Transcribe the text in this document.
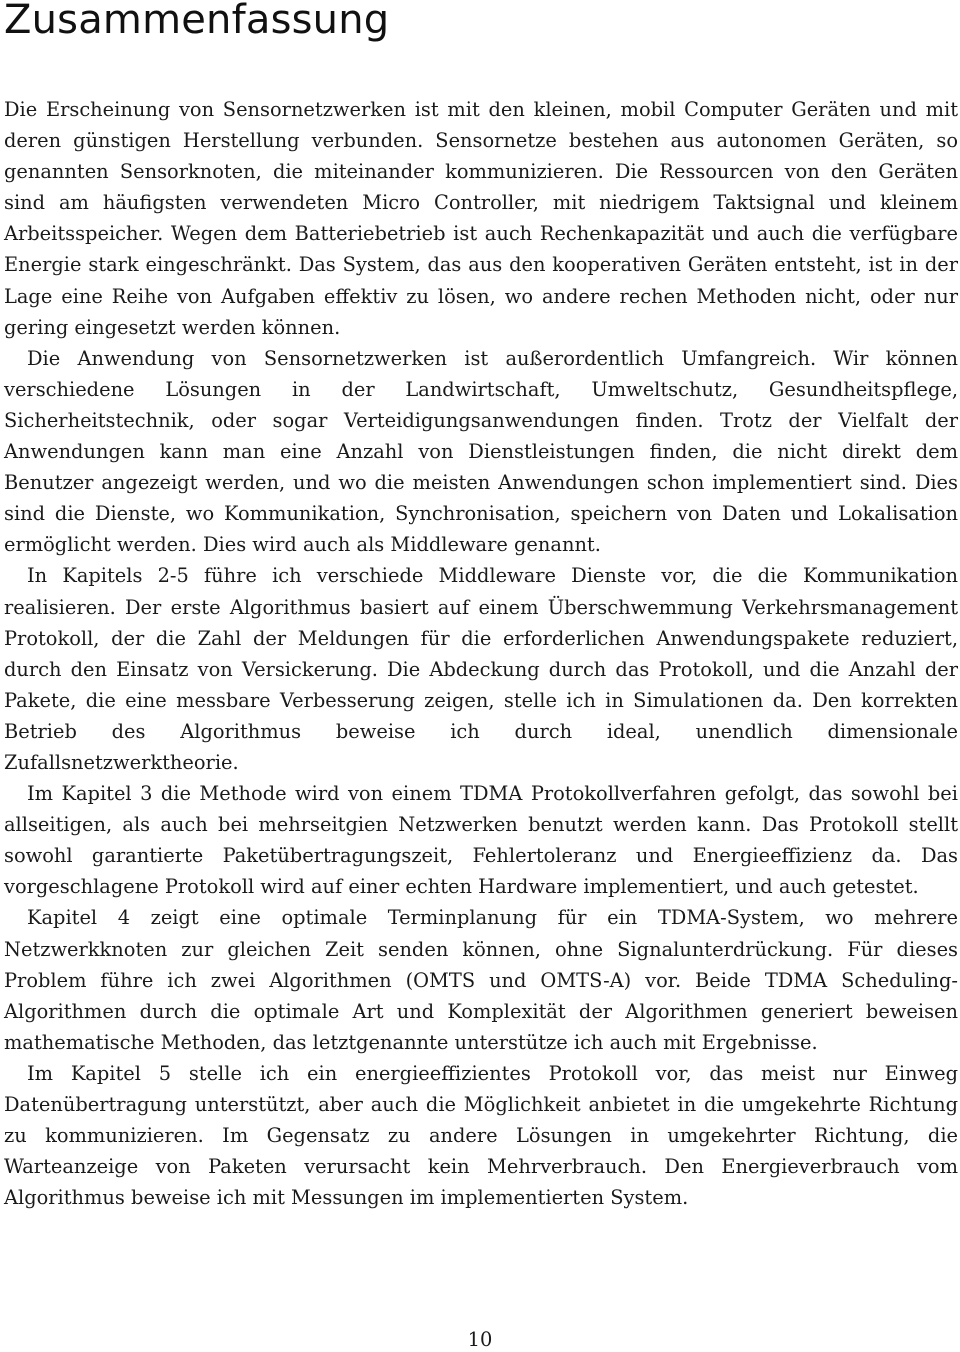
Zusammenfassung

Die Erscheinung von Sensornetzwerken ist mit den kleinen, mobil Computer Geräten und mit deren günstigen Herstellung verbunden. Sensornetze bestehen aus autonomen Geräten, so genannten Sensorknoten, die miteinander kommunizieren. Die Ressourcen von den Geräten sind am häufigsten verwendeten Micro Controller, mit niedrigem Taktsignal und kleinem Arbeitsspeicher. Wegen dem Batteriebetrieb ist auch Rechenkapazität und auch die verfügbare Energie stark eingeschränkt. Das System, das aus den kooperativen Geräten entsteht, ist in der Lage eine Reihe von Aufgaben effektiv zu lösen, wo andere rechen Methoden nicht, oder nur gering eingesetzt werden können.

Die Anwendung von Sensornetzwerken ist außerordentlich Umfangreich. Wir können verschiedene Lösungen in der Landwirtschaft, Umweltschutz, Gesundheitspflege, Sicherheitstechnik, oder sogar Verteidigungsanwendungen finden. Trotz der Vielfalt der Anwendungen kann man eine Anzahl von Dienstleistungen finden, die nicht direkt dem Benutzer angezeigt werden, und wo die meisten Anwendungen schon implementiert sind. Dies sind die Dienste, wo Kommunikation, Synchronisation, speichern von Daten und Lokalisation ermöglicht werden. Dies wird auch als Middleware genannt.

In Kapitels 2-5 führe ich verschiede Middleware Dienste vor, die die Kommunikation realisieren. Der erste Algorithmus basiert auf einem Überschwemmung Verkehrsmanagement Protokoll, der die Zahl der Meldungen für die erforderlichen Anwendungspakete reduziert, durch den Einsatz von Versickerung. Die Abdeckung durch das Protokoll, und die Anzahl der Pakete, die eine messbare Verbesserung zeigen, stelle ich in Simulationen da. Den korrekten Betrieb des Algorithmus beweise ich durch ideal, unendlich dimensionale Zufallsnetzwerktheorie.

Im Kapitel 3 die Methode wird von einem TDMA Protokollverfahren gefolgt, das sowohl bei allseitigen, als auch bei mehrseitgien Netzwerken benutzt werden kann. Das Protokoll stellt sowohl garantierte Paketübertragungszeit, Fehlertoleranz und Energieeffizienz da. Das vorgeschlagene Protokoll wird auf einer echten Hardware implementiert, und auch getestet.

Kapitel 4 zeigt eine optimale Terminplanung für ein TDMA-System, wo mehrere Netzwerkknoten zur gleichen Zeit senden können, ohne Signalunterdrückung. Für dieses Problem führe ich zwei Algorithmen (OMTS und OMTS-A) vor. Beide TDMA Scheduling-Algorithmen durch die optimale Art und Komplexität der Algorithmen generiert beweisen mathematische Methoden, das letztgenannte unterstütze ich auch mit Ergebnisse.

Im Kapitel 5 stelle ich ein energieeffizientes Protokoll vor, das meist nur Einweg Datenübertragung unterstützt, aber auch die Möglichkeit anbietet in die umgekehrte Richtung zu kommunizieren. Im Gegensatz zu andere Lösungen in umgekehrter Richtung, die Warteanzeige von Paketen verursacht kein Mehrverbrauch. Den Energieverbrauch vom Algorithmus beweise ich mit Messungen im implementierten System.

10
